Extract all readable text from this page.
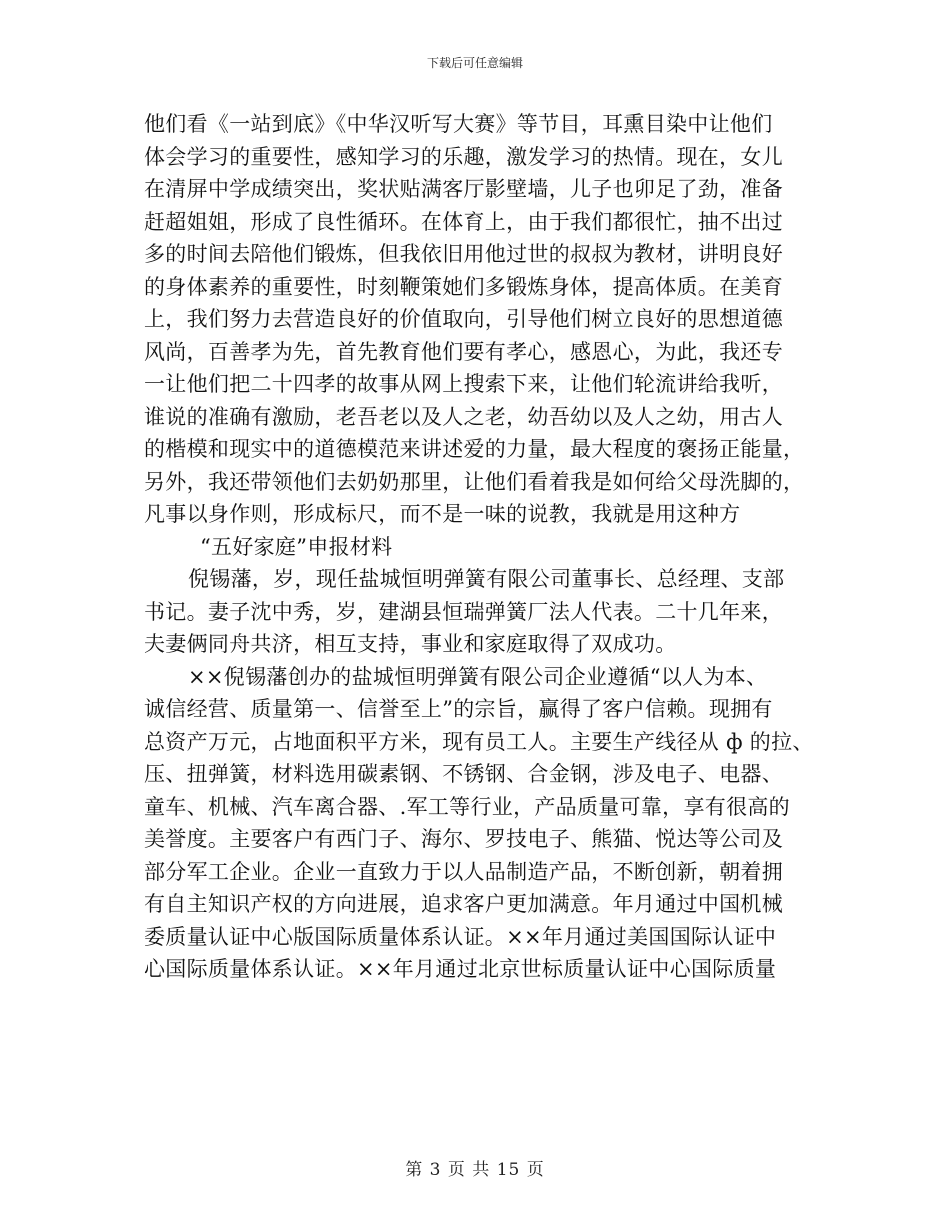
下载后可任意编辑
他们看《一站到底》《中华汉听写大赛》等节目，耳熏目染中让他们
体会学习的重要性，感知学习的乐趣，激发学习的热情。现在，女儿
在清屏中学成绩突出，奖状贴满客厅影壁墙，儿子也卯足了劲，准备
赶超姐姐，形成了良性循环。在体育上，由于我们都很忙，抽不出过
多的时间去陪他们锻炼，但我依旧用他过世的叔叔为教材，讲明良好
的身体素养的重要性，时刻鞭策她们多锻炼身体，提高体质。在美育
上，我们努力去营造良好的价值取向，引导他们树立良好的思想道德
风尚，百善孝为先，首先教育他们要有孝心，感恩心，为此，我还专
一让他们把二十四孝的故事从网上搜索下来，让他们轮流讲给我听，
谁说的准确有激励，老吾老以及人之老，幼吾幼以及人之幼，用古人
的楷模和现实中的道德模范来讲述爱的力量，最大程度的褒扬正能量，
另外，我还带领他们去奶奶那里，让他们看着我是如何给父母洗脚的，
凡事以身作则，形成标尺，而不是一味的说教，我就是用这种方
“五好家庭”申报材料
倪锡藩，岁，现任盐城恒明弹簧有限公司董事长、总经理、支部
书记。妻子沈中秀，岁，建湖县恒瑞弹簧厂法人代表。二十几年来，
夫妻俩同舟共济，相互支持，事业和家庭取得了双成功。
××倪锡藩创办的盐城恒明弹簧有限公司企业遵循“以人为本、
诚信经营、质量第一、信誉至上”的宗旨，赢得了客户信赖。现拥有
总资产万元，占地面积平方米，现有员工人。主要生产线径从 ф 的拉、
压、扭弹簧，材料选用碳素钢、不锈钢、合金钢，涉及电子、电器、
童车、机械、汽车离合器、.军工等行业，产品质量可靠，享有很高的
美誉度。主要客户有西门子、海尔、罗技电子、熊猫、悦达等公司及
部分军工企业。企业一直致力于以人品制造产品，不断创新，朝着拥
有自主知识产权的方向进展，追求客户更加满意。年月通过中国机械
委质量认证中心版国际质量体系认证。××年月通过美国国际认证中
心国际质量体系认证。××年月通过北京世标质量认证中心国际质量
第 3 页 共 15 页
